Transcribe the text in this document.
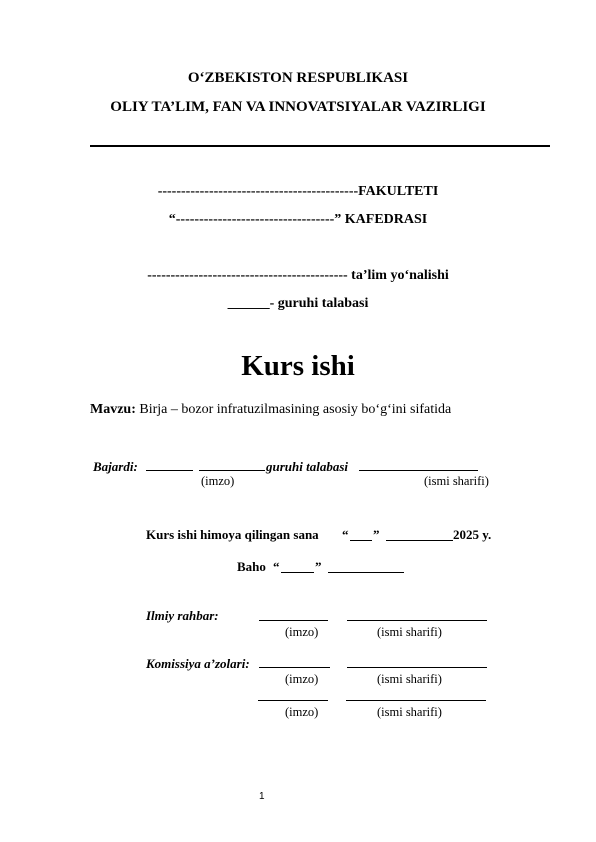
O‘ZBEKISTON RESPUBLIKASI
OLIY TA’LIM, FAN VA INNOVATSIYALAR VAZIRLIGI
-------------------------------------------FAKULTETI
“----------------------------------” KAFEDRASI
------------------------------------------- ta’lim yo‘nalishi
______- guruhi talabasi
Kurs ishi
Mavzu: Birja – bozor infratuzilmasining asosiy bo‘g‘ini sifatida
Bajardi:	guruhi talabasi
(imzo)	(ismi sharifi)
Kurs ishi himoya qilingan sana “ ”	2025 y.
Baho “	”
Ilmiy rahbar:
(imzo)	(ismi sharifi)
Komissiya a’zolari:
(imzo)	(ismi sharifi)
(imzo)	(ismi sharifi)
1
